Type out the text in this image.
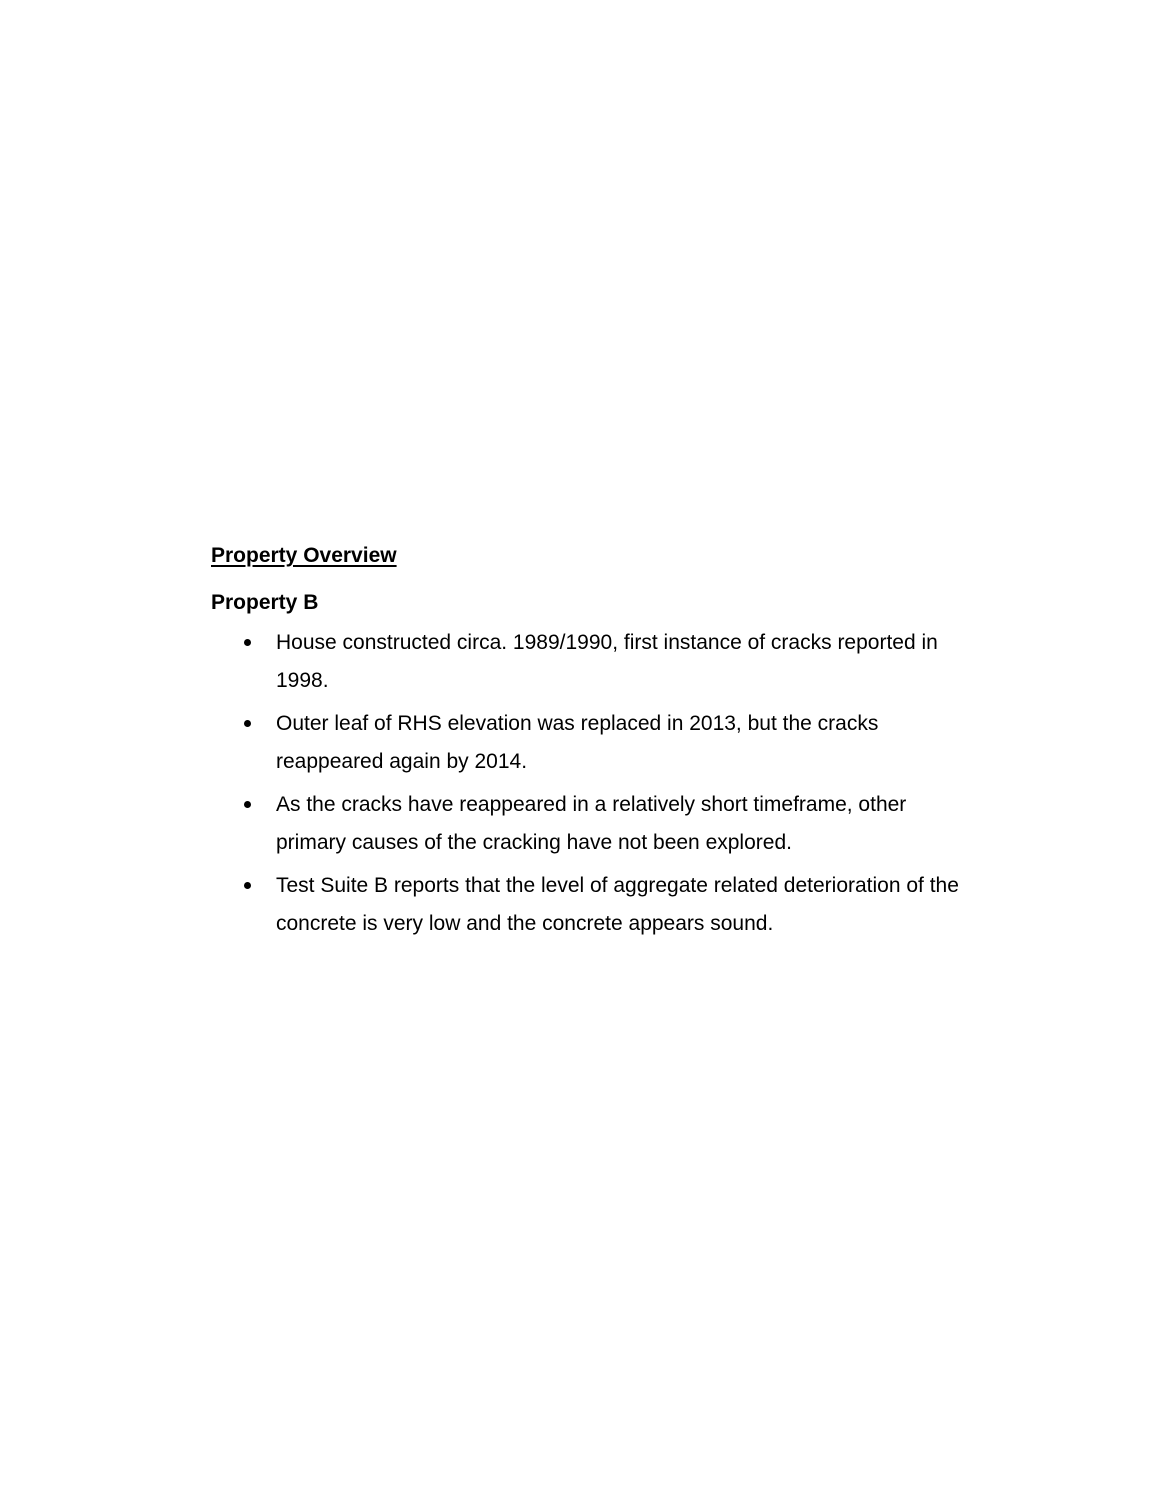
Property Overview

Property B

House constructed circa. 1989/1990, first instance of cracks reported in 1998.
Outer leaf of RHS elevation was replaced in 2013, but the cracks reappeared again by 2014.
As the cracks have reappeared in a relatively short timeframe, other primary causes of the cracking have not been explored.
Test Suite B reports that the level of aggregate related deterioration of the concrete is very low and the concrete appears sound.
